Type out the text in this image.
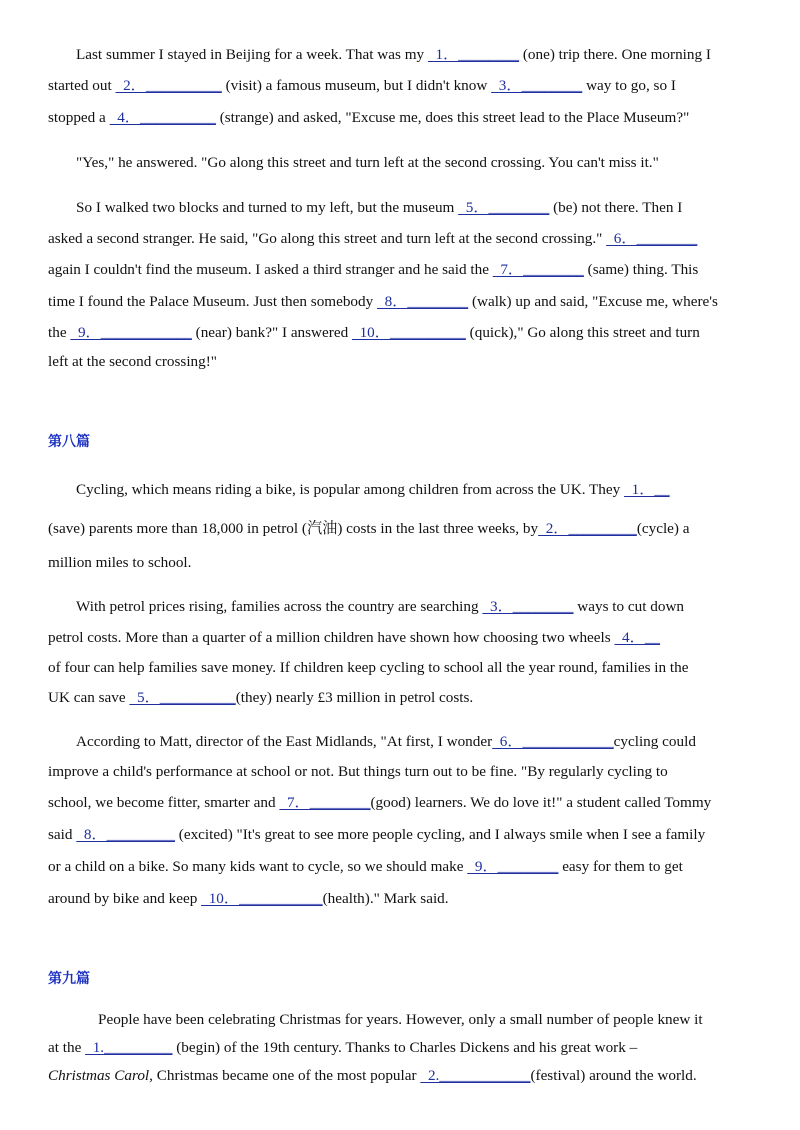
Last summer I stayed in Beijing for a week. That was my   1．________ (one) trip there. One morning I
started out   2．__________ (visit) a famous museum, but I didn't know   3．________ way to go, so I
stopped a   4．__________ (strange) and asked, "Excuse me, does this street lead to the Place Museum?"
"Yes," he answered. "Go along this street and turn left at the second crossing. You can't miss it."
So I walked two blocks and turned to my left, but the museum   5．________ (be) not there. Then I
asked a second stranger. He said, "Go along this street and turn left at the second crossing."   6．________
again I couldn't find the museum. I asked a third stranger and he said the   7．________ (same) thing. This
time I found the Palace Museum. Just then somebody   8．________ (walk) up and said, "Excuse me, where's
the   9．____________ (near) bank?" I answered   10．__________ (quick)," Go along this street and turn
left at the second crossing!"
第八篇
Cycling, which means riding a bike, is popular among children from across the UK. They   1．__
(save) parents more than 18,000 in petrol (汽油) costs in the last three weeks, by  2．_________(cycle) a
million miles to school.
With petrol prices rising, families across the country are searching   3．________ ways to cut down
petrol costs. More than a quarter of a million children have shown how choosing two wheels   4．__
of four can help families save money. If children keep cycling to school all the year round, families in the
UK can save   5．__________(they) nearly £3 million in petrol costs.
According to Matt, director of the East Midlands, "At first, I wonder  6．____________cycling could
improve a child's performance at school or not. But things turn out to be fine. "By regularly cycling to
school, we become fitter, smarter and   7．________(good) learners. We do love it!" a student called Tommy
said   8．_________ (excited) "It's great to see more people cycling, and I always smile when I see a family
or a child on a bike. So many kids want to cycle, so we should make   9．________ easy for them to get
around by bike and keep   10．___________(health)." Mark said.
第九篇
People have been celebrating Christmas for years. However, only a small number of people knew it
at the   1._________ (begin) of the 19th century. Thanks to Charles Dickens and his great work –
Christmas Carol, Christmas became one of the most popular   2.____________(festival) around the world.
